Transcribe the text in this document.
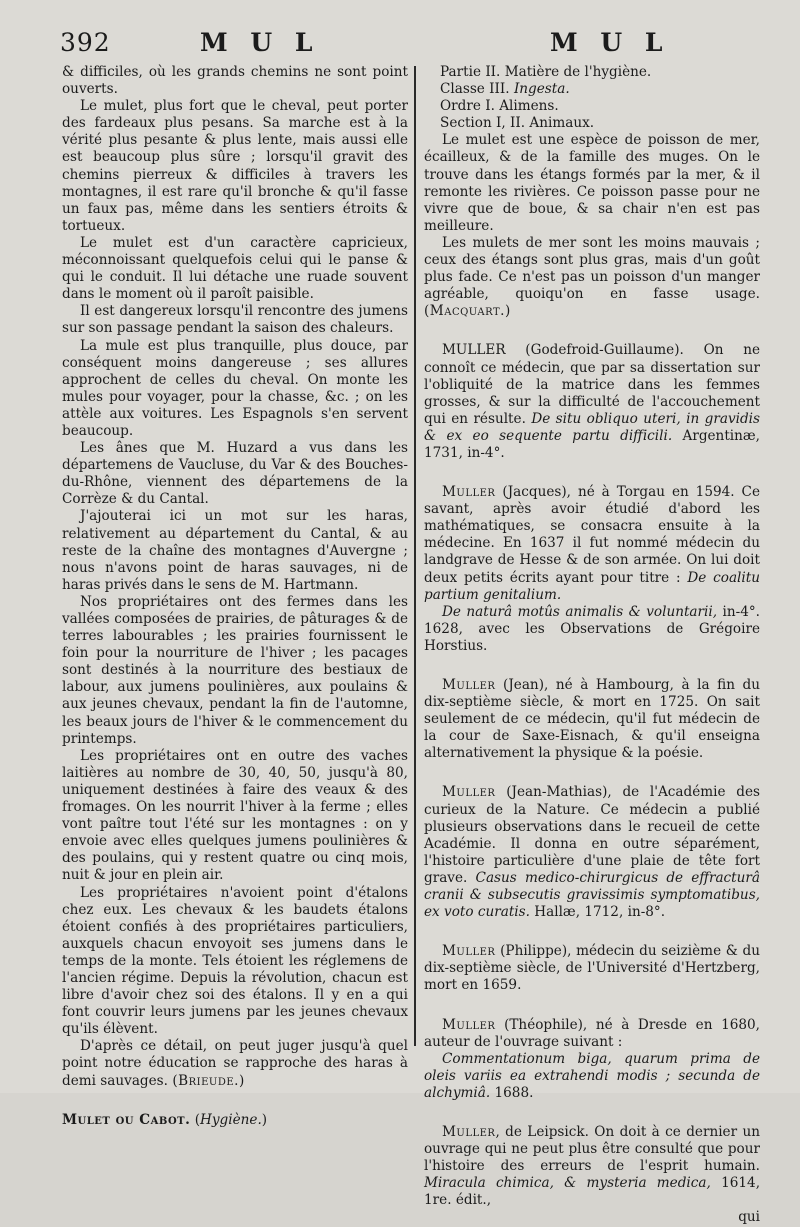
392	M U L	M U L

& difficiles, où les grands chemins ne sont point ouverts.

Le mulet, plus fort que le cheval, peut porter des fardeaux plus pesans. Sa marche est à la vérité plus pesante & plus lente, mais aussi elle est beaucoup plus sûre ; lorsqu'il gravit des chemins pierreux & difficiles à travers les montagnes, il est rare qu'il bronche & qu'il fasse un faux pas, même dans les sentiers étroits & tortueux.

Le mulet est d'un caractère capricieux, méconnoissant quelquefois celui qui le panse & qui le conduit. Il lui détache une ruade souvent dans le moment où il paroît paisible.

Il est dangereux lorsqu'il rencontre des jumens sur son passage pendant la saison des chaleurs.

La mule est plus tranquille, plus douce, par conséquent moins dangereuse ; ses allures approchent de celles du cheval. On monte les mules pour voyager, pour la chasse, &c. ; on les attèle aux voitures. Les Espagnols s'en servent beaucoup.

Les ânes que M. Huzard a vus dans les départemens de Vaucluse, du Var & des Bouches-du-Rhône, viennent des départemens de la Corrèze & du Cantal.

J'ajouterai ici un mot sur les haras, relativement au département du Cantal, & au reste de la chaîne des montagnes d'Auvergne ; nous n'avons point de haras sauvages, ni de haras privés dans le sens de M. Hartmann.

Nos propriétaires ont des fermes dans les vallées composées de prairies, de pâturages & de terres labourables ; les prairies fournissent le foin pour la nourriture de l'hiver ; les pacages sont destinés à la nourriture des bestiaux de labour, aux jumens poulinières, aux poulains & aux jeunes chevaux, pendant la fin de l'automne, les beaux jours de l'hiver & le commencement du printemps.

Les propriétaires ont en outre des vaches laitières au nombre de 30, 40, 50, jusqu'à 80, uniquement destinées à faire des veaux & des fromages. On les nourrit l'hiver à la ferme ; elles vont paître tout l'été sur les montagnes : on y envoie avec elles quelques jumens poulinières & des poulains, qui y restent quatre ou cinq mois, nuit & jour en plein air.

Les propriétaires n'avoient point d'étalons chez eux. Les chevaux & les baudets étalons étoient confiés à des propriétaires particuliers, auxquels chacun envoyoit ses jumens dans le temps de la monte. Tels étoient les réglemens de l'ancien régime. Depuis la révolution, chacun est libre d'avoir chez soi des étalons. Il y en a qui font couvrir leurs jumens par les jeunes chevaux qu'ils élèvent.

D'après ce détail, on peut juger jusqu'à quel point notre éducation se rapproche des haras à demi sauvages. (Brieude.)

Mulet ou Cabot. (Hygiène.)

Partie II. Matière de l'hygiène.

Classe III. Ingesta.

Ordre I. Alimens.

Section I, II. Animaux.

Le mulet est une espèce de poisson de mer, écailleux, & de la famille des muges. On le trouve dans les étangs formés par la mer, & il remonte les rivières. Ce poisson passe pour ne vivre que de boue, & sa chair n'en est pas meilleure.

Les mulets de mer sont les moins mauvais ; ceux des étangs sont plus gras, mais d'un goût plus fade. Ce n'est pas un poisson d'un manger agréable, quoiqu'on en fasse usage. (Macquart.)

MULLER (Godefroid-Guillaume). On ne connoît ce médecin, que par sa dissertation sur l'obliquité de la matrice dans les femmes grosses, & sur la difficulté de l'accouchement qui en résulte. De situ obliquo uteri, in gravidis & ex eo sequente partu difficili. Argentinæ, 1731, in-4°.

Muller (Jacques), né à Torgau en 1594. Ce savant, après avoir étudié d'abord les mathématiques, se consacra ensuite à la médecine. En 1637 il fut nommé médecin du landgrave de Hesse & de son armée. On lui doit deux petits écrits ayant pour titre : De coalitu partium genitalium.

De naturâ motûs animalis & voluntarii, in-4°. 1628, avec les Observations de Grégoire Horstius.

Muller (Jean), né à Hambourg, à la fin du dix-septième siècle, & mort en 1725. On sait seulement de ce médecin, qu'il fut médecin de la cour de Saxe-Eisnach, & qu'il enseigna alternativement la physique & la poésie.

Muller (Jean-Mathias), de l'Académie des curieux de la Nature. Ce médecin a publié plusieurs observations dans le recueil de cette Académie. Il donna en outre séparément, l'histoire particulière d'une plaie de tête fort grave. Casus medico-chirurgicus de effracturâ cranii & subsecutis gravissimis symptomatibus, ex voto curatis. Hallæ, 1712, in-8°.

Muller (Philippe), médecin du seizième & du dix-septième siècle, de l'Université d'Hertzberg, mort en 1659.

Muller (Théophile), né à Dresde en 1680, auteur de l'ouvrage suivant :

Commentationum biga, quarum prima de oleis variis ea extrahendi modis ; secunda de alchymiâ. 1688.

Muller, de Leipsick. On doit à ce dernier un ouvrage qui ne peut plus être consulté que pour l'histoire des erreurs de l'esprit humain. Miracula chimica, & mysteria medica, 1614, 1re. édit.,

qui
